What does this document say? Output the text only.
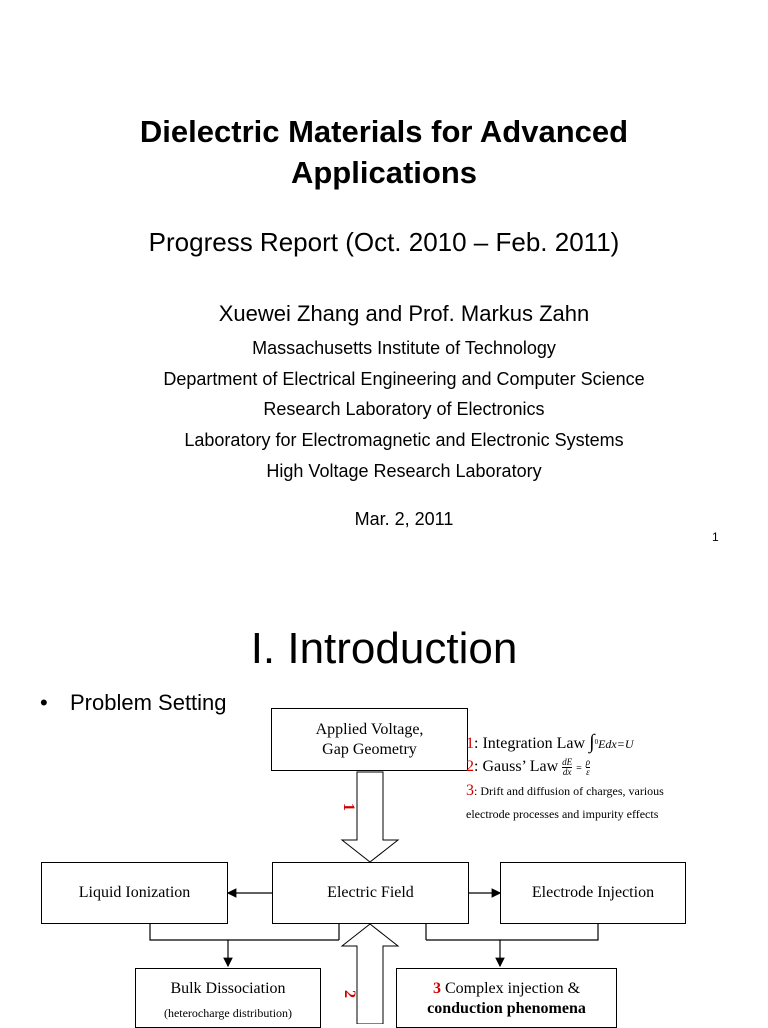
Dielectric Materials for Advanced
Applications
Progress Report (Oct. 2010 – Feb. 2011)
Xuewei Zhang and Prof. Markus Zahn
Massachusetts Institute of Technology
Department of Electrical Engineering and Computer Science
Research Laboratory of Electronics
Laboratory for Electromagnetic and Electronic Systems
High Voltage Research Laboratory
Mar. 2, 2011
1
I. Introduction
• Problem Setting
1
2
Applied Voltage,
Gap Geometry
Electric Field
Liquid Ionization	Electrode Injection
Bulk Dissociation
(heterocharge distribution)
3 Complex injection &
conduction phenomena
1: Integration Law ∫$^0$Edx=U
2: Gauss’ Law $\frac{dE}{dx} = \frac{\rho}{\varepsilon}$
3: Drift and diffusion of charges, various
electrode processes and impurity effects
